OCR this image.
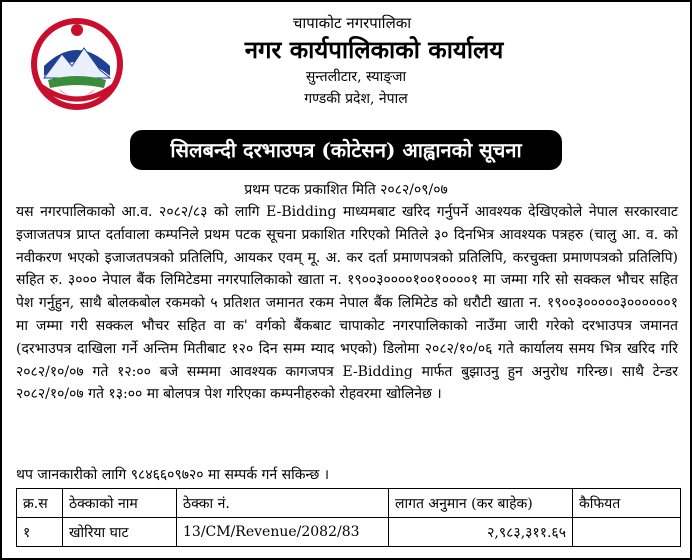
चापाकोट नगरपालिका
नगर कार्यपालिकाको कार्यालय
सुन्तलीटार, स्याङ्जा
गण्डकी प्रदेश, नेपाल
सिलबन्दी दरभाउपत्र (कोटेसन) आह्वानको सूचना
प्रथम पटक प्रकाशित मिति २०८२/०९/०७
यस नगरपालिकाको आ.व. २०८२/८३ को लागि E-Bidding माध्यमबाट खरिद गर्नुपर्ने आवश्यक देखिएकोले नेपाल सरकारवाट इजाजतपत्र प्राप्त दर्तावाला कम्पनिले प्रथम पटक सूचना प्रकाशित गरिएको मितिले ३० दिनभित्र आवश्यक पत्रहरु (चालु आ. व. को नवीकरण भएको इजाजतपत्रको प्रतिलिपि, आयकर एवम् मू. अ. कर दर्ता प्रमाणपत्रको प्रतिलिपि, करचुक्ता प्रमाणपत्रको प्रतिलिपि) सहित रु. ३००० नेपाल बैंक लिमिटेडमा नगरपालिकाको खाता न. १९००३००००१००१००००१ मा जम्मा गरि सो सक्कल भौचर सहित पेश गर्नुहुन, साथै बोलकबोल रकमको ५ प्रतिशत जमानत रकम नेपाल बैंक लिमिटेड को धरौटी खाता न. १९००३०००००३००००००१ मा जम्मा गरी सक्कल भौचर सहित वा क' वर्गको बैंकबाट चापाकोट नगरपालिकाको नाउँमा जारी गरेको दरभाउपत्र जमानत (दरभाउपत्र दाखिला गर्ने अन्तिम मितीबाट १२० दिन सम्म म्याद भएको) डिलोमा २०८२/१०/०६ गते कार्यालय समय भित्र खरिद गरि २०८२/१०/०७ गते १२:०० बजे सम्ममा आवश्यक कागजपत्र E-Bidding मार्फत बुझाउनु हुन अनुरोध गरिन्छ। साथै टेन्डर २०८२/१०/०७ गते १३:०० मा बोलपत्र पेश गरिएका कम्पनीहरुको रोहवरमा खोलिनेछ ।
थप जानकारीको लागि ९८४६६०९७२० मा सम्पर्क गर्न सकिन्छ ।
क्र.स	ठेक्काको नाम	ठेक्का नं.	लागत अनुमान (कर बाहेक)	कैफियत
१	खोरिया घाट	13/CM/Revenue/2082/83	२,९८३,३११.६५	
